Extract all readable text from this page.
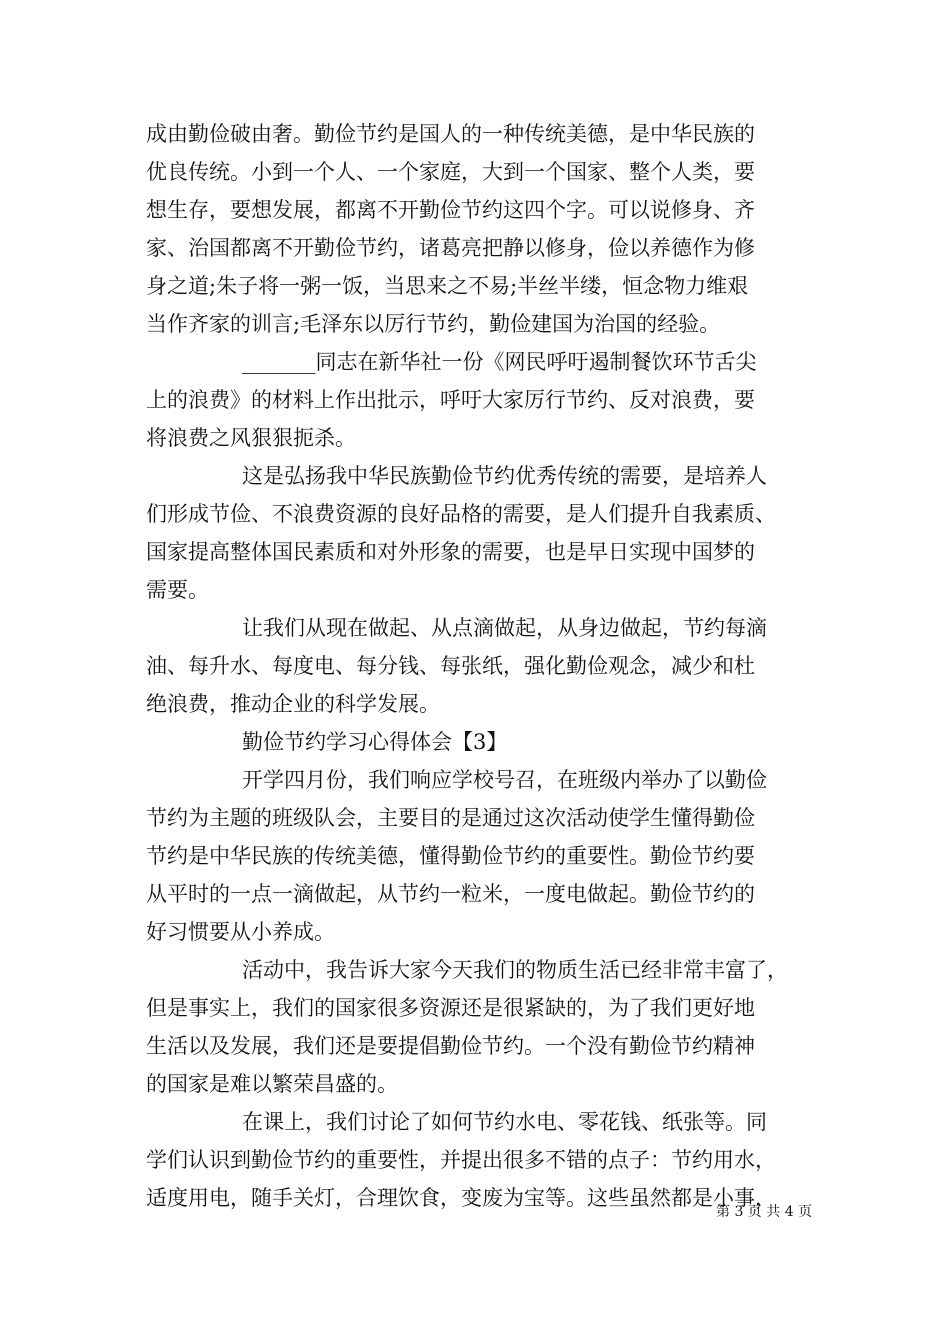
成由勤俭破由奢。勤俭节约是国人的一种传统美德，是中华民族的
优良传统。小到一个人、一个家庭，大到一个国家、整个人类，要
想生存，要想发展，都离不开勤俭节约这四个字。可以说修身、齐
家、治国都离不开勤俭节约，诸葛亮把静以修身，俭以养德作为修
身之道;朱子将一粥一饭，当思来之不易;半丝半缕，恒念物力维艰
当作齐家的训言;毛泽东以厉行节约，勤俭建国为治国的经验。
_______同志在新华社一份《网民呼吁遏制餐饮环节舌尖
上的浪费》的材料上作出批示，呼吁大家厉行节约、反对浪费，要
将浪费之风狠狠扼杀。
这是弘扬我中华民族勤俭节约优秀传统的需要，是培养人
们形成节俭、不浪费资源的良好品格的需要，是人们提升自我素质、
国家提高整体国民素质和对外形象的需要，也是早日实现中国梦的
需要。
让我们从现在做起、从点滴做起，从身边做起，节约每滴
油、每升水、每度电、每分钱、每张纸，强化勤俭观念，减少和杜
绝浪费，推动企业的科学发展。
勤俭节约学习心得体会【3】
开学四月份，我们响应学校号召，在班级内举办了以勤俭
节约为主题的班级队会，主要目的是通过这次活动使学生懂得勤俭
节约是中华民族的传统美德，懂得勤俭节约的重要性。勤俭节约要
从平时的一点一滴做起，从节约一粒米，一度电做起。勤俭节约的
好习惯要从小养成。
活动中，我告诉大家今天我们的物质生活已经非常丰富了，
但是事实上，我们的国家很多资源还是很紧缺的，为了我们更好地
生活以及发展，我们还是要提倡勤俭节约。一个没有勤俭节约精神
的国家是难以繁荣昌盛的。
在课上，我们讨论了如何节约水电、零花钱、纸张等。同
学们认识到勤俭节约的重要性，并提出很多不错的点子：节约用水，
适度用电，随手关灯，合理饮食，变废为宝等。这些虽然都是小事，
第 3 页 共 4 页
